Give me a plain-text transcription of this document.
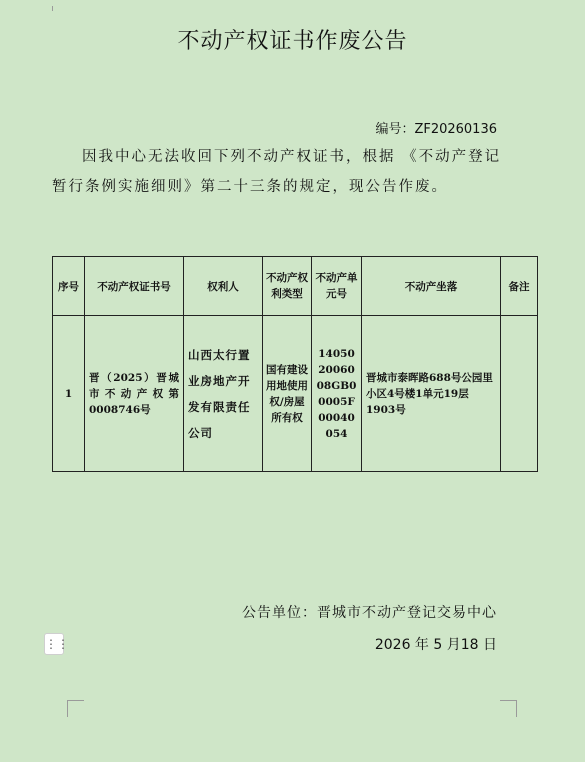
不动产权证书作废公告
编号：ZF20260136
因我中心无法收回下列不动产权证书，根据 《不动产登记暂行条例实施细则》第二十三条的规定，现公告作废。
序号	不动产权证书号	权利人	不动产权利类型	不动产单元号	不动产坐落	备注
1	晋（2025）晋城市不动产权第0008746号	山西太行置业房地产开发有限责任公司	国有建设用地使用权/房屋所有权	140502006008GB00005F00040054	晋城市泰晖路688号公园里小区4号楼1单元19层1903号	
公告单位：晋城市不动产登记交易中心
2026 年 5 月18 日
⋮⋮
